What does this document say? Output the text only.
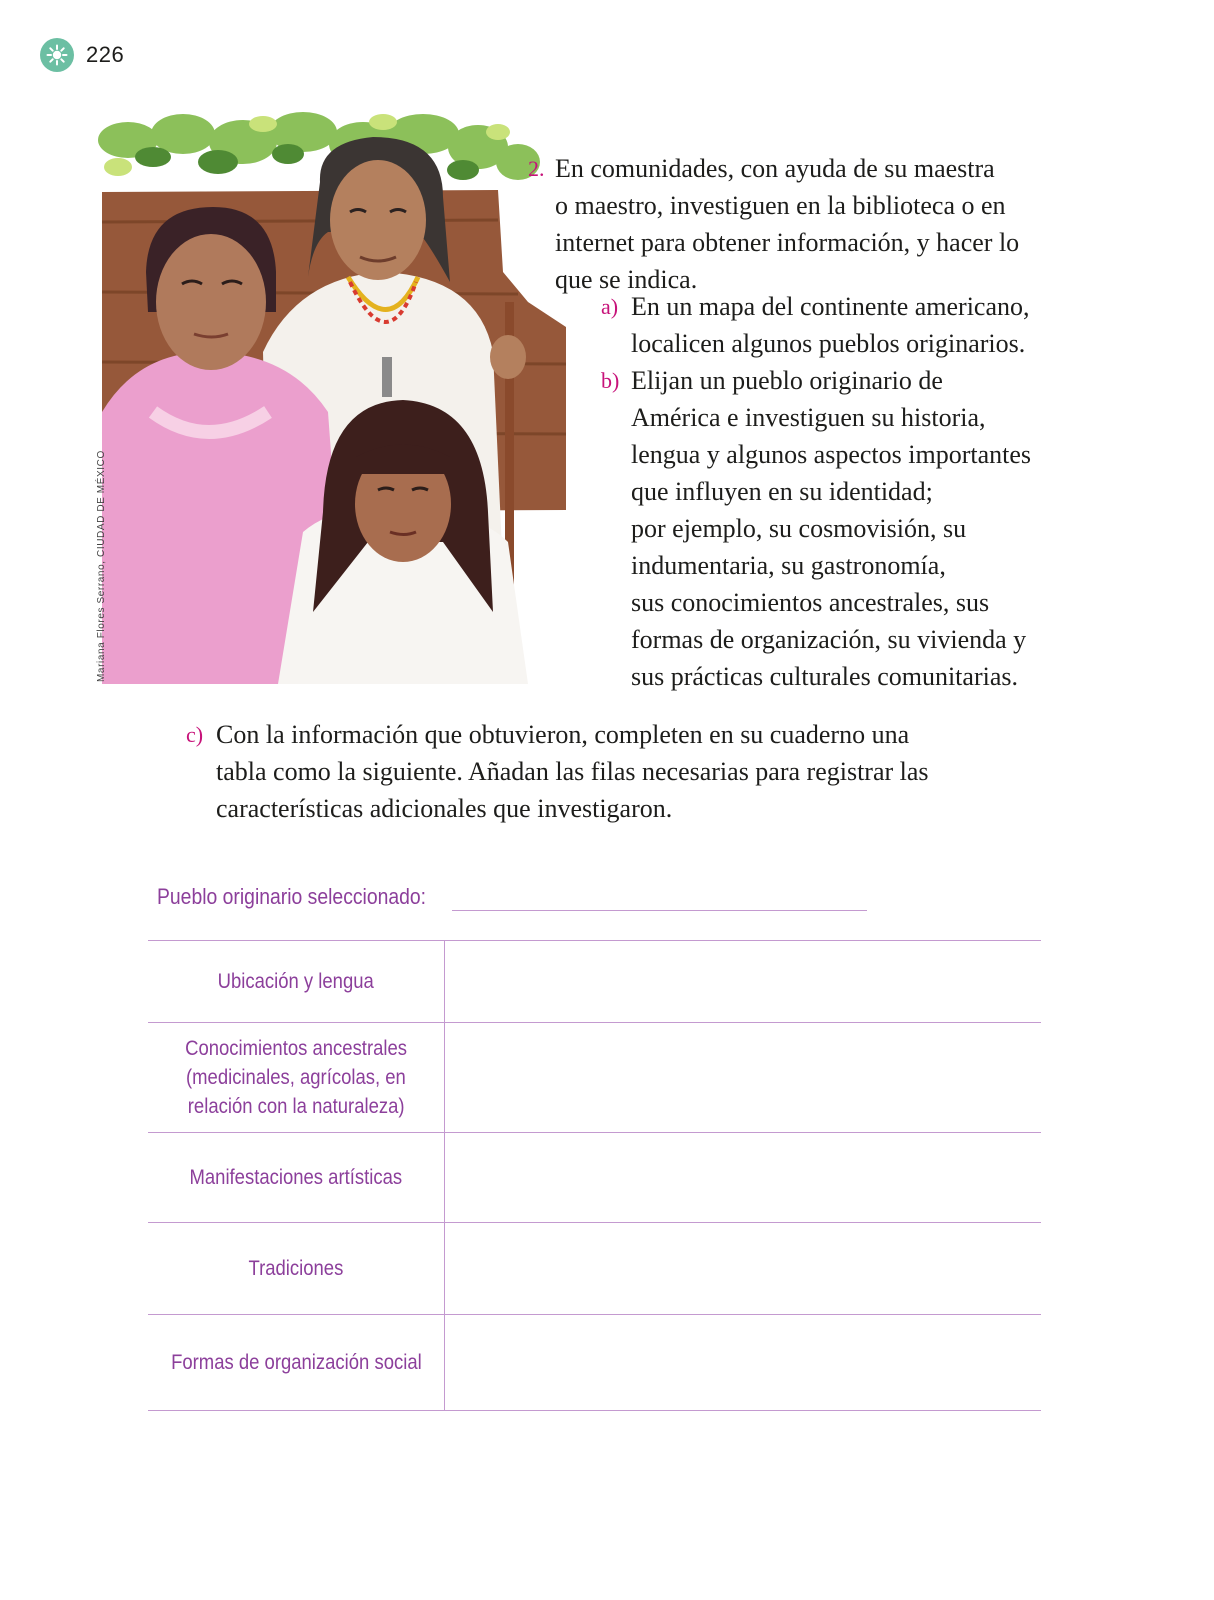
226
Mariana Flores Serrano, CIUDAD DE MÉXICO
2. En comunidades, con ayuda de su maestra
o maestro, investiguen en la biblioteca o en
internet para obtener información, y hacer lo
que se indica.
a) En un mapa del continente americano,
localicen algunos pueblos originarios.
b) Elijan un pueblo originario de
América e investiguen su historia,
lengua y algunos aspectos importantes
que influyen en su identidad;
por ejemplo, su cosmovisión, su
indumentaria, su gastronomía,
sus conocimientos ancestrales, sus
formas de organización, su vivienda y
sus prácticas culturales comunitarias.
c) Con la información que obtuvieron, completen en su cuaderno una
tabla como la siguiente. Añadan las filas necesarias para registrar las
características adicionales que investigaron.
Pueblo originario seleccionado:
Ubicación y lengua	
Conocimientos ancestrales
(medicinales, agrícolas, en
relación con la naturaleza)	
Manifestaciones artísticas	
Tradiciones	
Formas de organización social	
